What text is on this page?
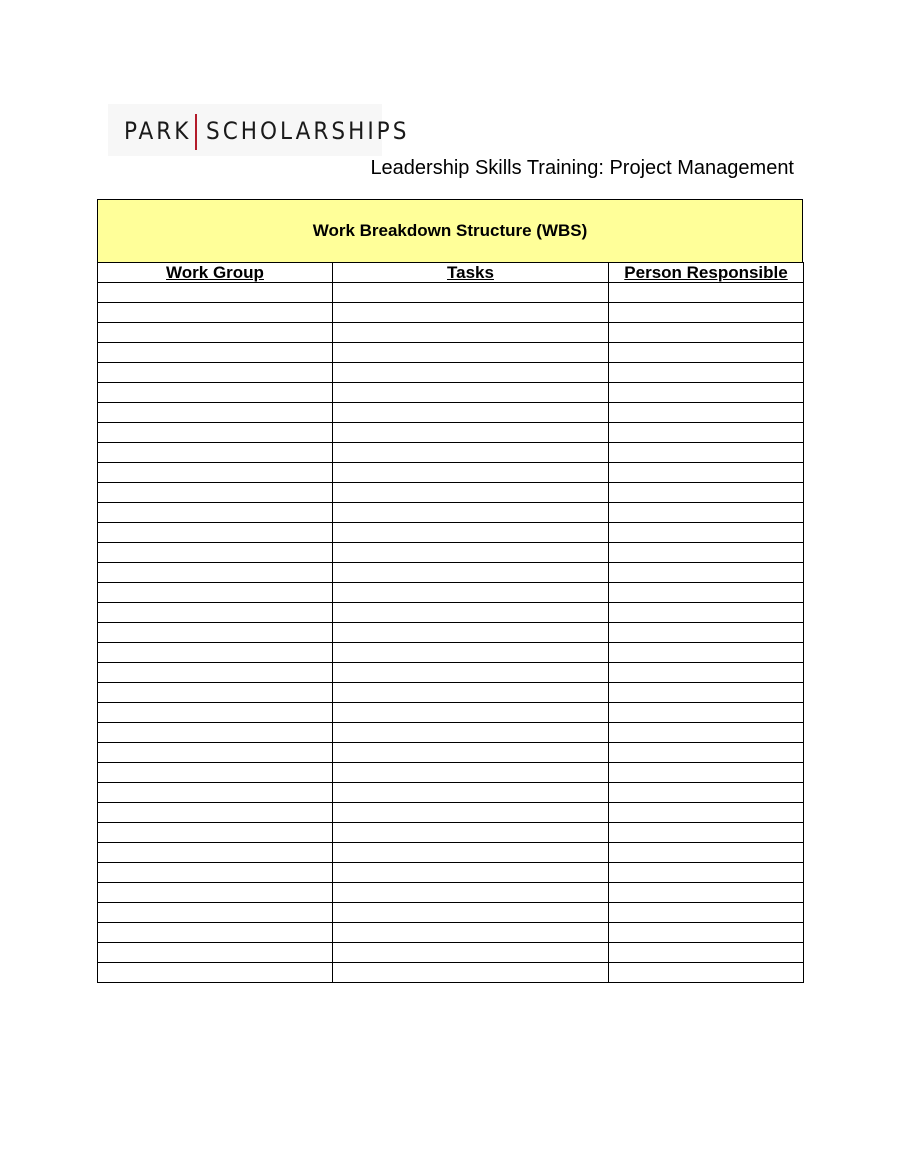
PARK SCHOLARSHIPS
Leadership Skills Training: Project Management
Work Breakdown Structure (WBS)
Work Group	Tasks	Person Responsible
